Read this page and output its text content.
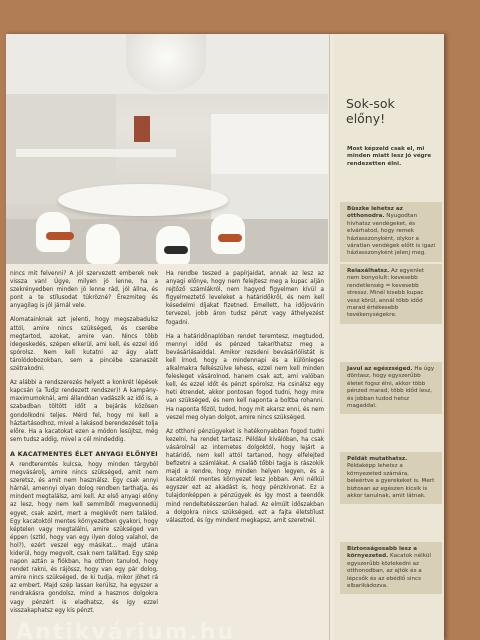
nincs mit felvenni? A jól szervezett emberek nek vissza van! Úgye, milyen jó lenne, ha a szekrényedben minden jó lenne rád, jól állna, és pont a te stílusodat tükrözné? Érezmiteg és anyagilag is jól járnál vele.

Alomatainknak azt jelenti, hogy megszabadulsz attól, amire nincs szükséged, és cserébe megtartod, azokat, amire van. Nincs több idegeskedés, szépen elkerül, ami kell, és ezzel idő spórolsz. Nem kell kutatni az ágy alatt tárolódobozokban, sem a pincébe szanaszét szétrakodni.

Az alábbi a rendszerezés helyett a konkrét lépések kapcsán (a Tudjz rendezett rendszer)! A kampány-maximumoknál, ami állandóan vadászik az idő is, a szabadban töltött időt a bejárás közösen gondolkodni teljes. Mérd fel, hogy mi kell a háztartásodhoz, mivel a lakásod berendezését tolja előre. Ha a kacatokat ezen a módon lesújtsz, még sem tudsz addig, mivel a cél mindeddig.

A KACATMENTES ÉLET ANYAGI ELŐNYEI

A rendteremtés kulcsa, hogy minden tárgyból megvásárolj, amire nincs szükséged, amit nem szeretsz, és amit nem használsz. Egy csak annyi hárnál, amennyi olyan dolog rendben tarthatja, és mindent megtalálsz, ami kell. Az első anyagi előny az lesz, hogy nem kell semmiből megvennedúj egyet, csak azért, mert a meglévőt nem találod. Egy kacatoktól mentes környezetben gyakori, hogy képtelen vagy megtalálni, amire szükséged van éppen (sztkl, hogy van egy ilyen dolog valahol, de hol?), ezért veszel egy másikat... majd utána kiderül, hogy megvolt, csak nem találtad. Egy szép napon aztán a fiókban, ha otthon tanulod, hogy rendet rakni, és rájössz, hogy van egy pár dolog, amire nincs szükséged, de ki tudja, mikor jöhet rá az embert. Majd szép lassan kerülsz, ha egyszer a rendrakásra gondolsz, mind a hasznos dolgokra vagy pénzért is eladhatsz, és így ezzel visszakaphatsz egy kis pénzt.

Ha rendbe teszed a papírjaidat, annak az lesz az anyagi előnye, hogy nem felejtesz meg a kupac alján rejtőző számlákról, nem hagyod figyelmen kívül a figyelmeztető leveleket a határidőkről, és nem kell késedelmi díjakat fizetned. Emellett, ha időjovárin tervezel, jobb áron tudsz pénzt vagy áthelyezést fogadni.

Ha a határidőnaplóban rendet teremtesz, megtudod, mennyi időd és pénzed takaríthatsz meg a bevásárlásaiddal. Amikor rezsdeni bevásárlólistát is kell írnod, hogy a mindennapi és a különleges alkalmakra felkészülve lehess, ezzel nem kell minden felesleget vásárolnod, hanem csak azt, ami valóban kell, és ezzel időt és pénzt spórolsz. Ha csinálsz egy heti étrendet, akkor pontosan fogod tudni, hogy mire van szükséged, és nem kell naponta a boltba rohanni. Ha naponta főzöl, tudod, hogy mit akarsz enni, és nem veszel meg olyan dolgot, amire nincs szükséged.

Az otthoni pénzügyeket is hatékonyabban fogod tudni kezelni, ha rendet tartasz. Például kiválóban, ha csak vásárolnál az internetes dolgoktól, hogy lejárt a határidő, nem kell attól tartanod, hogy elfelejted befizetni a számlákat. A csaláð tőbbi tagja is rászokik majd a rendre, hogy minden helyen legyen, és a kacatoktól mentes környezet lesz jobban. Ami nélkül egyszer ezt az akadást is, hogy pénzkivonat. Ez a tulajdonképpen a pénzügyek és így most a teendők mind rendeltetésszerűen halad. Az elmúlt időszakban a dolgokra nincs szükséged, ezt a fajta életstílust választod, és így mindent megkapsz, amit szeretnél.

Sok-sok előny!
Most képzeld csak el, mi minden miatt lesz jó végre rendezetten élni.
Büszke lehetsz az otthonodra. Nyugodtan hívhatsz vendégeket, és elvárhatod, hogy remek háziasszonyként, olykor a váratlan vendégek előtt is igazi háziasszonyként jelenj meg.
Relaxálhatsz. Az egyenlet nem bonyolult: kevesebb rendetlenség = kevesebb stressz. Minél kisebb kupac vesz körül, annál több időd marad értékesebb tevékenységekre.
Javul az egészséged. Ha úgy döntasz, hogy egyszerűbb életet fogsz élni, akkor több pénzed marad, több időd lesz, és jobban tudod hetsz magaddal.
Példát mutathatsz. Példaképp lehetsz a környezeted számára, beleértve a gyerekeket is. Mert biztosan az egészen kicsik is akkor tanulnak, amit látnak.
Biztonságosabb lesz a környezeted. Kacatok nélkül egyszerűbb közlekedni az otthonodban, az ajtók és a lépcsők és az ebédlő sincs elbarikádozva.
Antikvárium.hu
